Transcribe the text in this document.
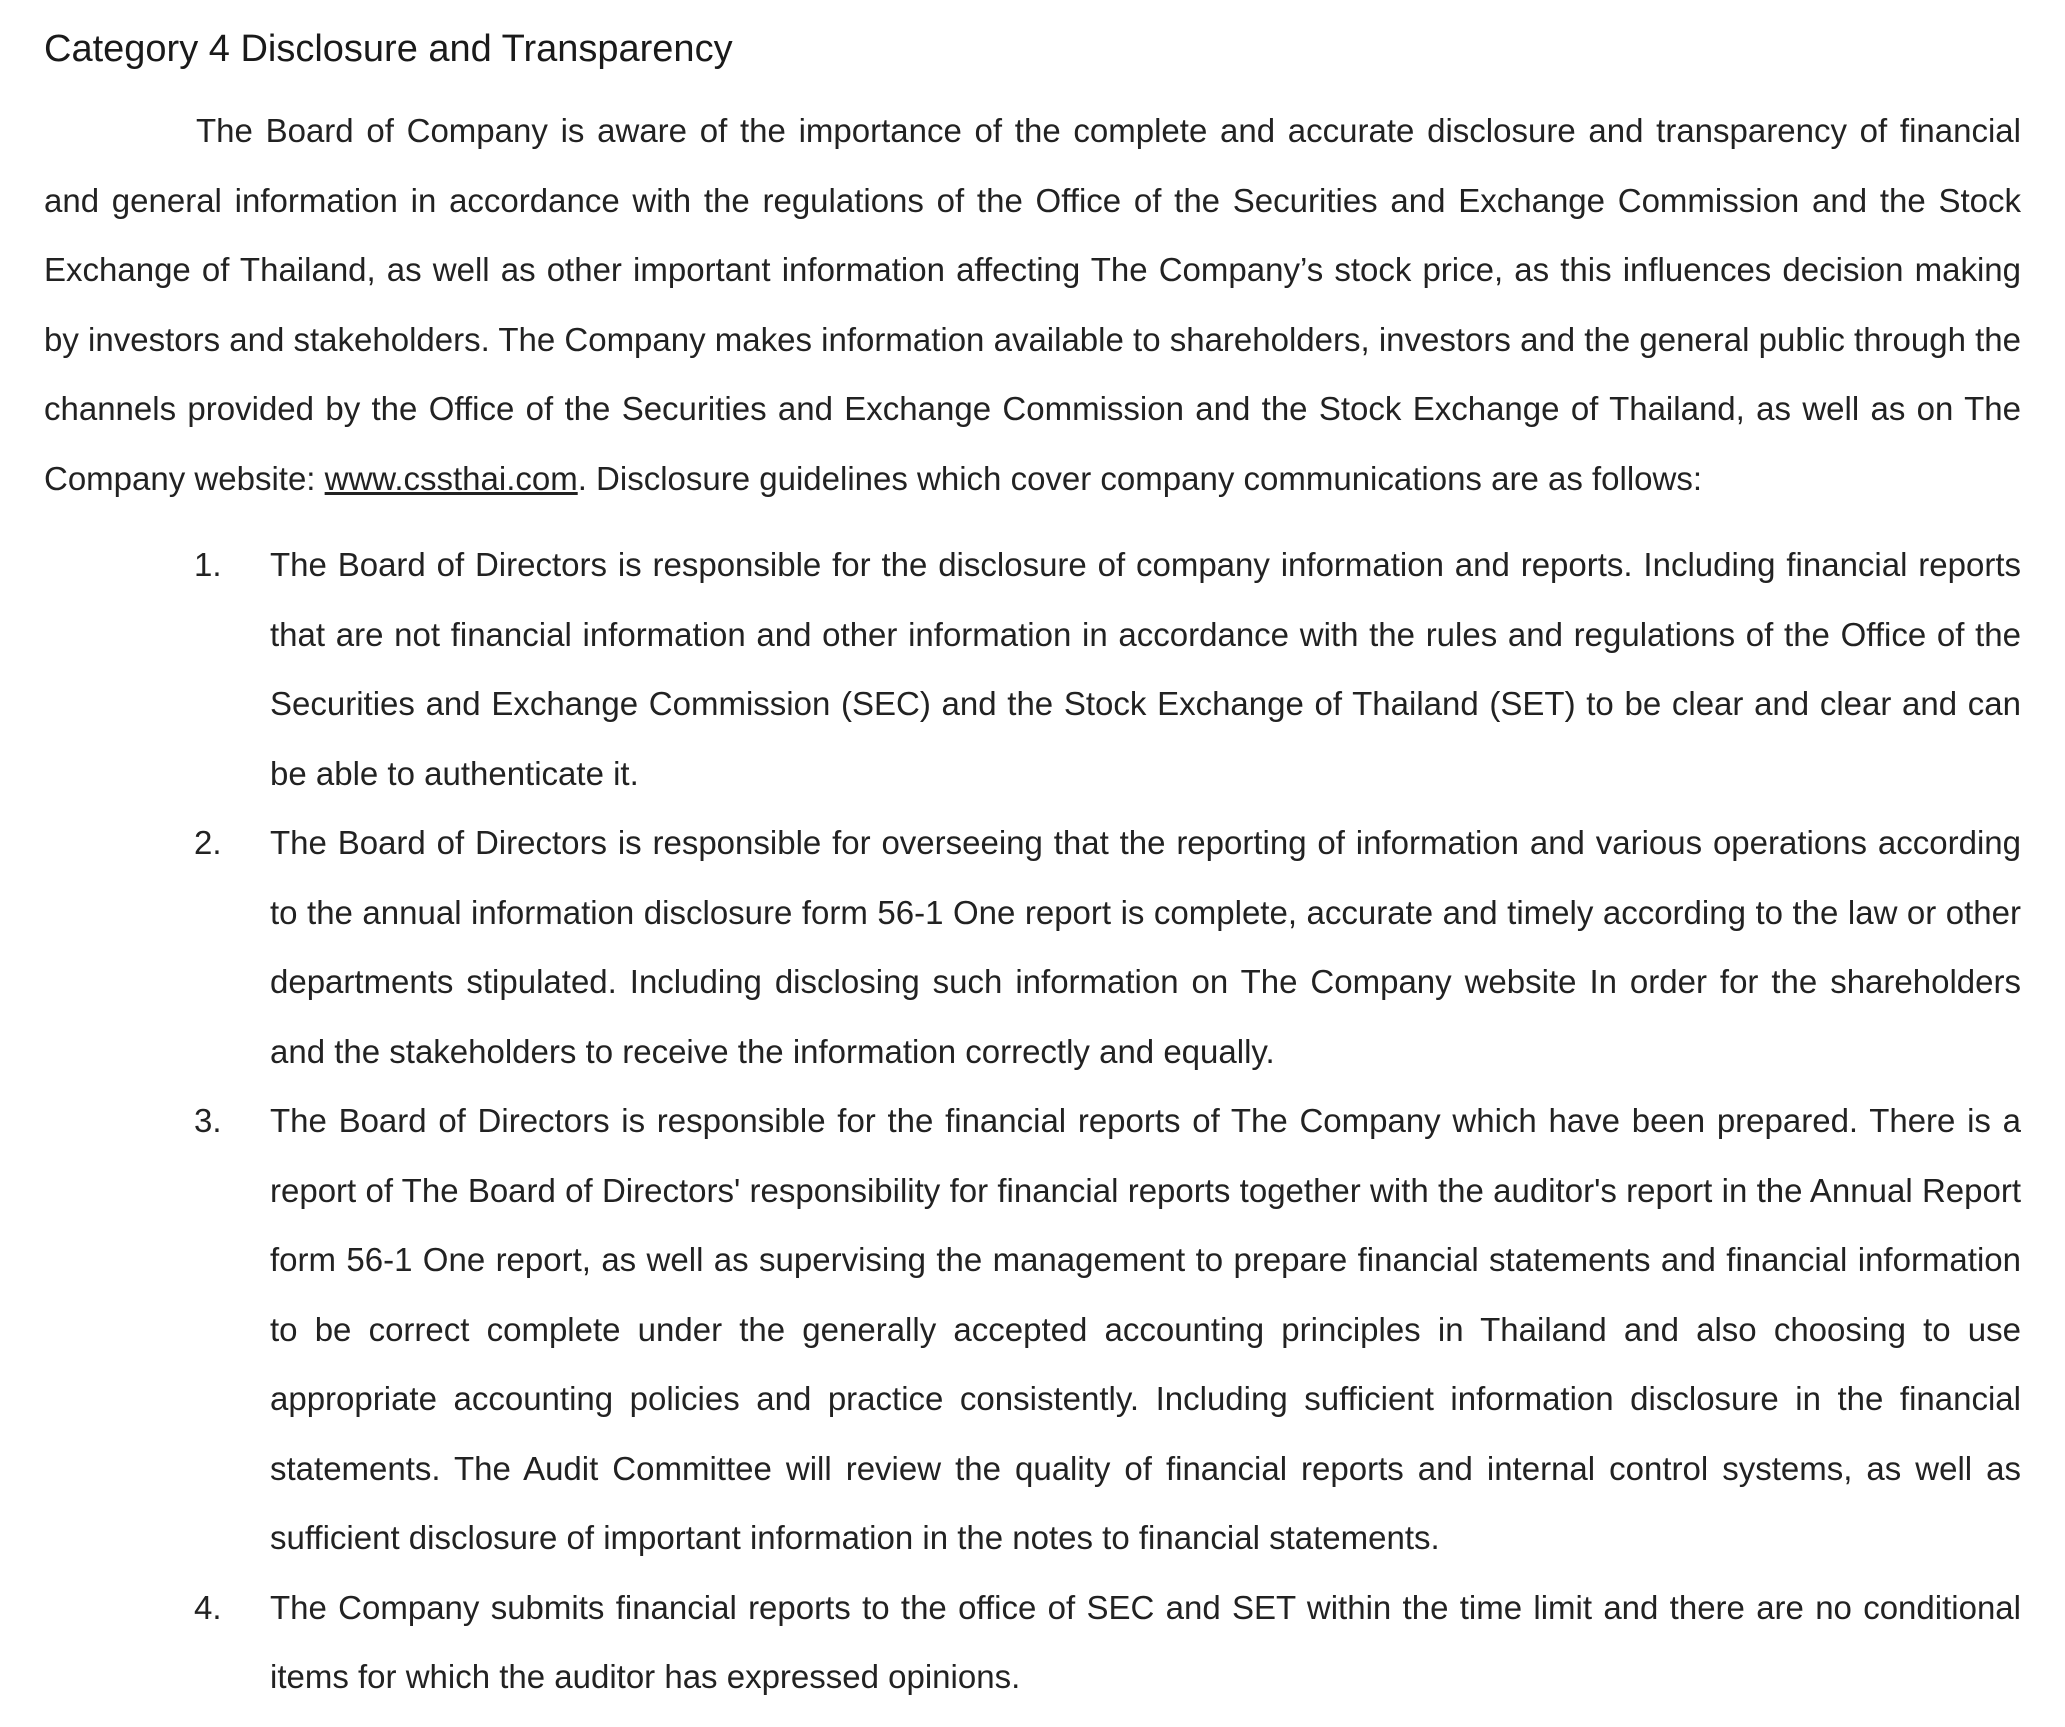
Category 4 Disclosure and Transparency

The Board of Company is aware of the importance of the complete and accurate disclosure and transparency of financial and general information in accordance with the regulations of the Office of the Securities and Exchange Commission and the Stock Exchange of Thailand, as well as other important information affecting The Company’s stock price, as this influences decision making by investors and stakeholders. The Company makes information available to shareholders, investors and the general public through the channels provided by the Office of the Securities and Exchange Commission and the Stock Exchange of Thailand, as well as on The Company website: www.cssthai.com. Disclosure guidelines which cover company communications are as follows:

1. The Board of Directors is responsible for the disclosure of company information and reports. Including financial reports that are not financial information and other information in accordance with the rules and regulations of the Office of the Securities and Exchange Commission (SEC) and the Stock Exchange of Thailand (SET) to be clear and clear and can be able to authenticate it.
2. The Board of Directors is responsible for overseeing that the reporting of information and various operations according to the annual information disclosure form 56-1 One report is complete, accurate and timely according to the law or other departments stipulated. Including disclosing such information on The Company website In order for the shareholders and the stakeholders to receive the information correctly and equally.
3. The Board of Directors is responsible for the financial reports of The Company which have been prepared. There is a report of The Board of Directors' responsibility for financial reports together with the auditor's report in the Annual Report form 56-1 One report, as well as supervising the management to prepare financial statements and financial information to be correct complete under the generally accepted accounting principles in Thailand and also choosing to use appropriate accounting policies and practice consistently. Including sufficient information disclosure in the financial statements. The Audit Committee will review the quality of financial reports and internal control systems, as well as sufficient disclosure of important information in the notes to financial statements.
4. The Company submits financial reports to the office of SEC and SET within the time limit and there are no conditional items for which the auditor has expressed opinions.
